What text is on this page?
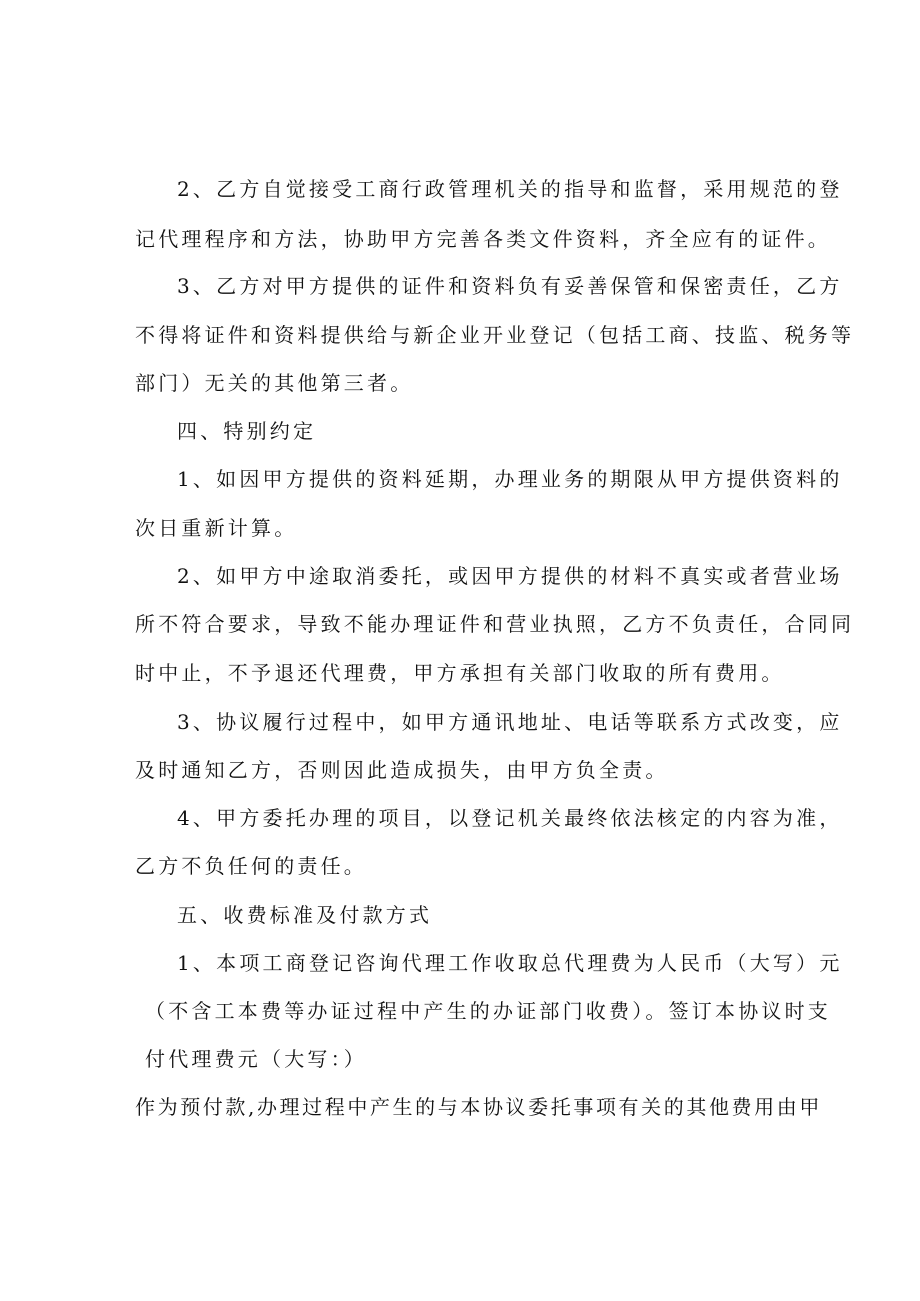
2、乙方自觉接受工商行政管理机关的指导和监督，采用规范的登
记代理程序和方法，协助甲方完善各类文件资料，齐全应有的证件。
3、乙方对甲方提供的证件和资料负有妥善保管和保密责任，乙方
不得将证件和资料提供给与新企业开业登记（包括工商、技监、税务等
部门）无关的其他第三者。
四、特别约定
1、如因甲方提供的资料延期，办理业务的期限从甲方提供资料的
次日重新计算。
2、如甲方中途取消委托，或因甲方提供的材料不真实或者营业场
所不符合要求，导致不能办理证件和营业执照，乙方不负责任，合同同
时中止，不予退还代理费，甲方承担有关部门收取的所有费用。
3、协议履行过程中，如甲方通讯地址、电话等联系方式改变，应
及时通知乙方，否则因此造成损失，由甲方负全责。
4、甲方委托办理的项目，以登记机关最终依法核定的内容为准，
乙方不负任何的责任。
五、收费标准及付款方式
1、本项工商登记咨询代理工作收取总代理费为人民币（大写）元
（不含工本费等办证过程中产生的办证部门收费）。签订本协议时支
付代理费元（大写：）
作为预付款,办理过程中产生的与本协议委托事项有关的其他费用由甲
